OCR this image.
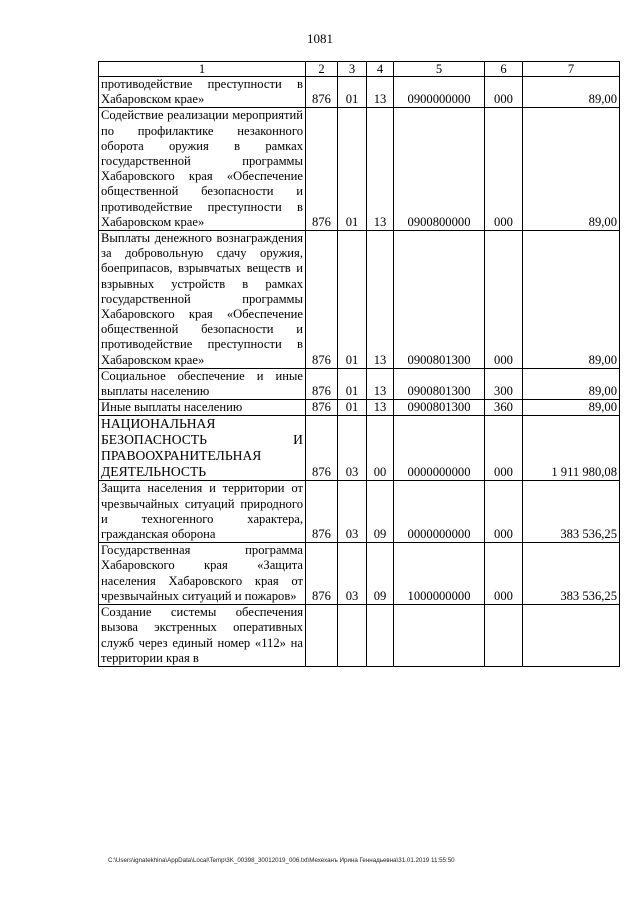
1081
1	2	3	4	5	6	7
противодействие преступности в Хабаровском крае»	876	01	13	0900000000	000	89,00
Содействие реализации мероприятий по профилактике незаконного оборота оружия в рамках государственной программы Хабаровского края «Обеспечение общественной безопасности и противодействие преступности в Хабаровском крае»	876	01	13	0900800000	000	89,00
Выплаты денежного вознаграждения за добровольную сдачу оружия, боеприпасов, взрывчатых веществ и взрывных устройств в рамках государственной программы Хабаровского края «Обеспечение общественной безопасности и противодействие преступности в Хабаровском крае»	876	01	13	0900801300	000	89,00
Социальное обеспечение и иные выплаты населению	876	01	13	0900801300	300	89,00
Иные выплаты населению	876	01	13	0900801300	360	89,00
НАЦИОНАЛЬНАЯ БЕЗОПАСНОСТЬ И ПРАВООХРАНИТЕЛЬНАЯ ДЕЯТЕЛЬНОСТЬ	876	03	00	0000000000	000	1 911 980,08
Защита населения и территории от чрезвычайных ситуаций природного и техногенного характера, гражданская оборона	876	03	09	0000000000	000	383 536,25
Государственная программа Хабаровского края «Защита населения Хабаровского края от чрезвычайных ситуаций и пожаров»	876	03	09	1000000000	000	383 536,25
Создание системы обеспечения вызова экстренных оперативных служб через единый номер «112» на территории края в						
C:\Users\ignatekhina\AppData\Local\Temp\3K_00398_30012019_006.txt\Мехеханъ Ирина Геннадьевна\31.01.2019 11:55:50
